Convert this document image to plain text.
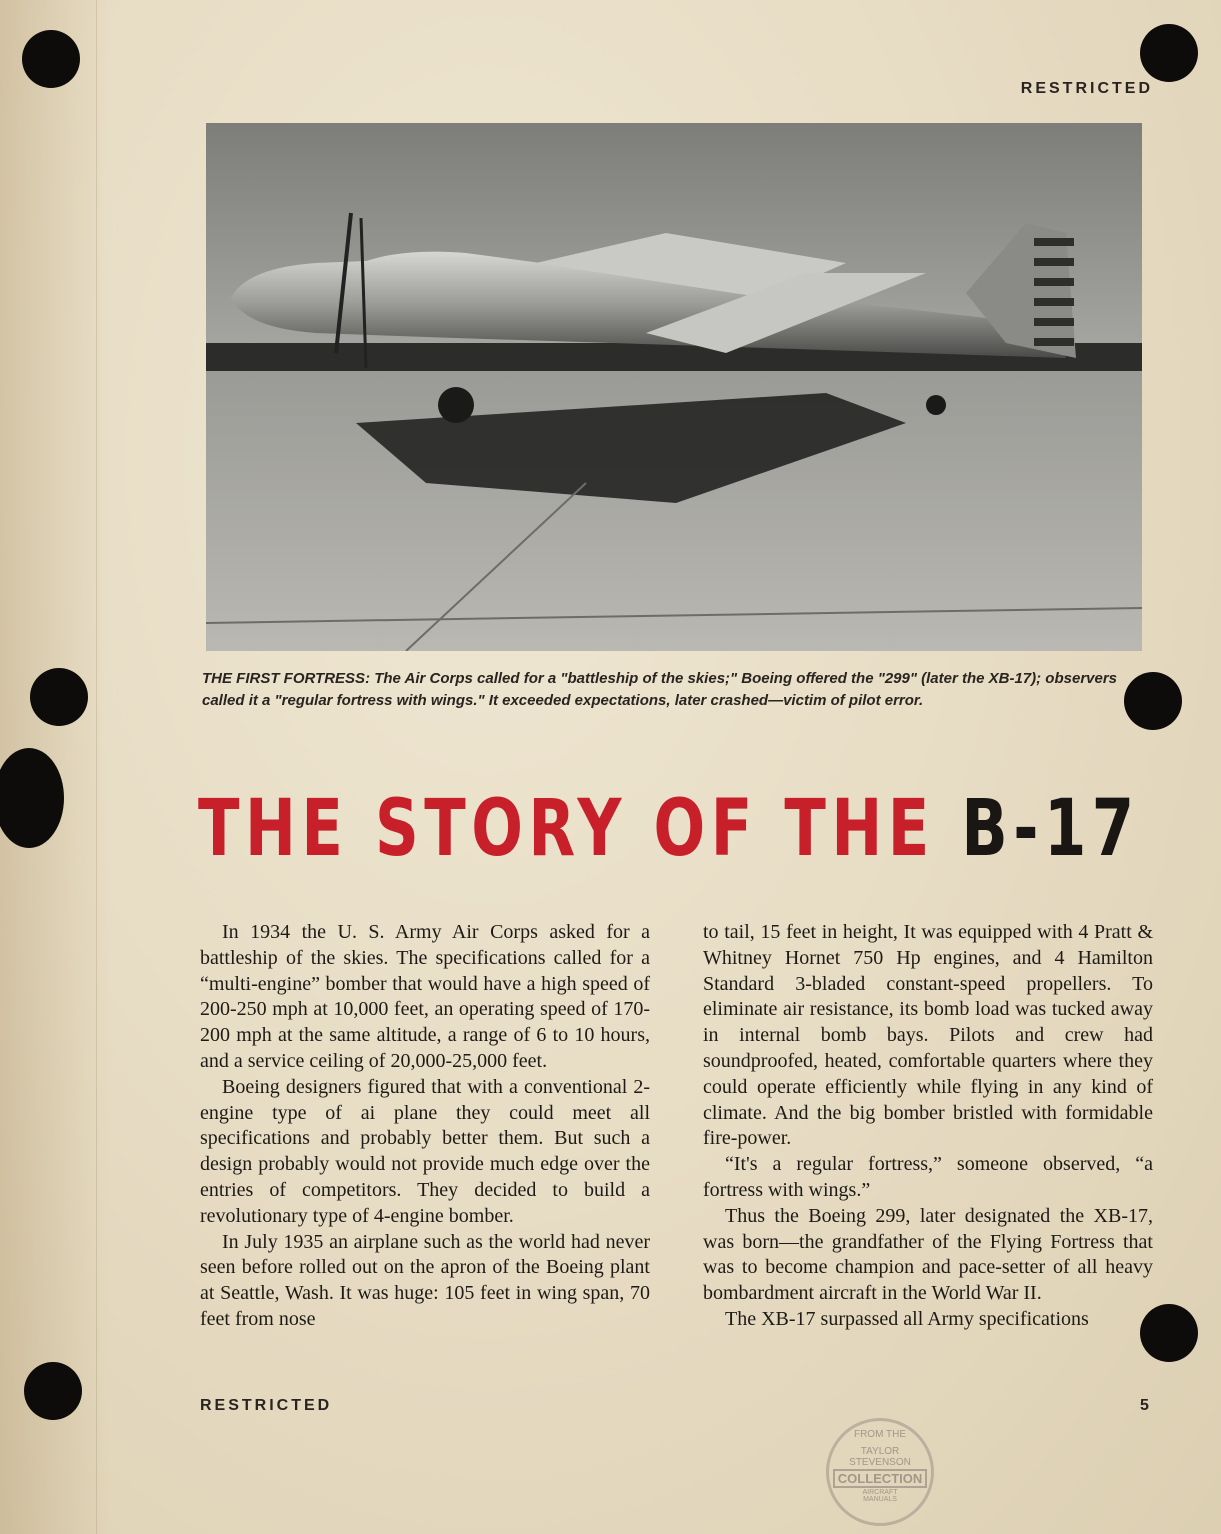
RESTRICTED
THE FIRST FORTRESS: The Air Corps called for a "battleship of the skies;" Boeing offered the "299" (later the XB-17); observers called it a "regular fortress with wings." It exceeded expectations, later crashed—victim of pilot error.
THE STORY OF THE B-17

In 1934 the U. S. Army Air Corps asked for a battleship of the skies. The specifications called for a “multi-engine” bomber that would have a high speed of 200-250 mph at 10,000 feet, an operating speed of 170-200 mph at the same altitude, a range of 6 to 10 hours, and a service ceiling of 20,000-25,000 feet.

Boeing designers figured that with a conventional 2-engine type of ai plane they could meet all specifications and probably better them. But such a design probably would not provide much edge over the entries of competitors. They decided to build a revolutionary type of 4-engine bomber.

In July 1935 an airplane such as the world had never seen before rolled out on the apron of the Boeing plant at Seattle, Wash. It was huge: 105 feet in wing span, 70 feet from nose

to tail, 15 feet in height, It was equipped with 4 Pratt & Whitney Hornet 750 Hp engines, and 4 Hamilton Standard 3-bladed constant-speed propellers. To eliminate air resistance, its bomb load was tucked away in internal bomb bays. Pilots and crew had soundproofed, heated, comfortable quarters where they could operate efficiently while flying in any kind of climate. And the big bomber bristled with formidable fire-power.

“It's a regular fortress,” someone observed, “a fortress with wings.”

Thus the Boeing 299, later designated the XB-17, was born—the grandfather of the Flying Fortress that was to become champion and pace-setter of all heavy bombardment aircraft in the World War II.

The XB-17 surpassed all Army specifications

RESTRICTED	5
FROM THE
TAYLOR
STEVENSON
COLLECTION
AIRCRAFT
MANUALS
